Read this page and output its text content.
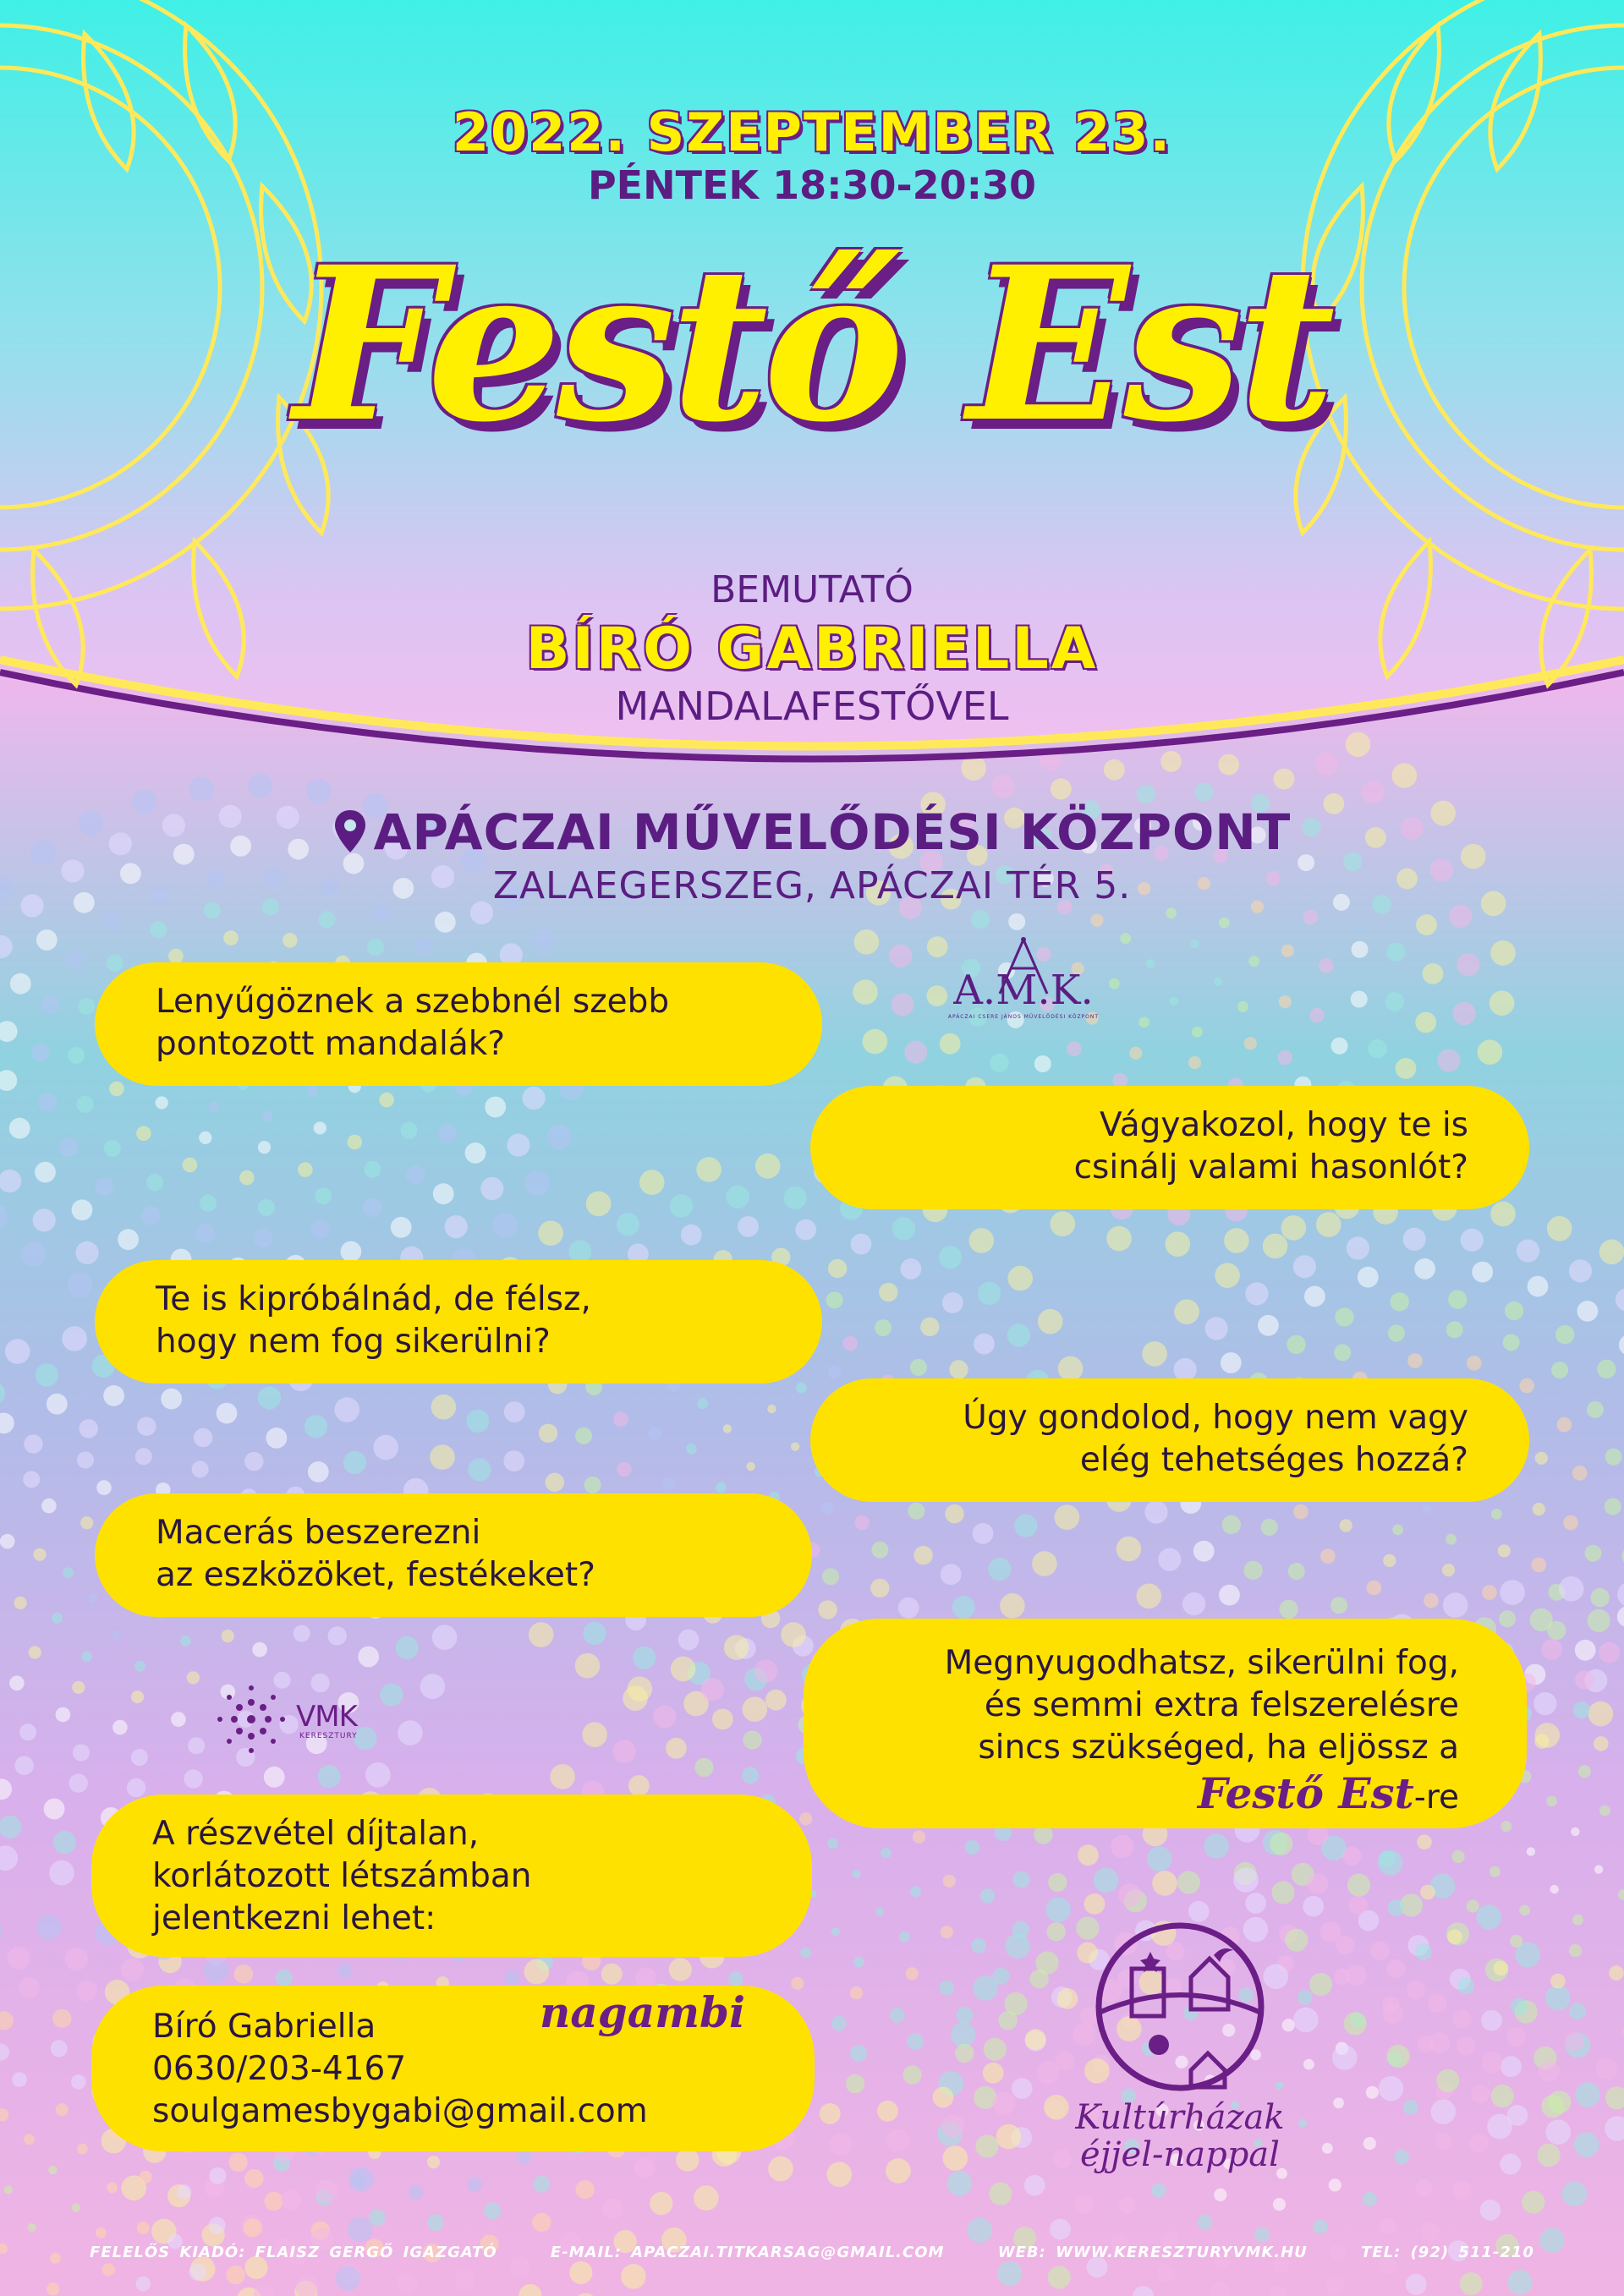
2022. SZEPTEMBER 23.
PÉNTEK 18:30-20:30
Festő Est
BEMUTATÓ
BÍRÓ GABRIELLA
MANDALAFESTŐVEL
APÁCZAI MŰVELŐDÉSI KÖZPONT
ZALAEGERSZEG, APÁCZAI TÉR 5.
Lenyűgöznek a szebbnél szebb
pontozott mandalák?
Vágyakozol, hogy te is
csinálj valami hasonlót?
Te is kipróbálnád, de félsz,
hogy nem fog sikerülni?
Úgy gondolod, hogy nem vagy
elég tehetséges hozzá?
Macerás beszerezni
az eszközöket, festékeket?
Megnyugodhatsz, sikerülni fog,
és semmi extra felszerelésre
sincs szükséged, ha eljössz a
Festő Est-re
A részvétel díjtalan,
korlátozott létszámban
jelentkezni lehet:
Bíró Gabriella
0630/203-4167
soulgamesbygabi@gmail.com
nagambi
A.M.K.
APÁCZAI CSERE JÁNOS MŰVELŐDÉSI KÖZPONT
VMK
KERESZTURY
Kultúrházak
éjjel-nappal
FELELŐS KIADÓ: FLAISZ GERGŐ IGAZGATÓ	E-MAIL: APACZAI.TITKARSAG@GMAIL.COM	WEB: WWW.KERESZTURYVMK.HU	TEL: (92) 511-210
